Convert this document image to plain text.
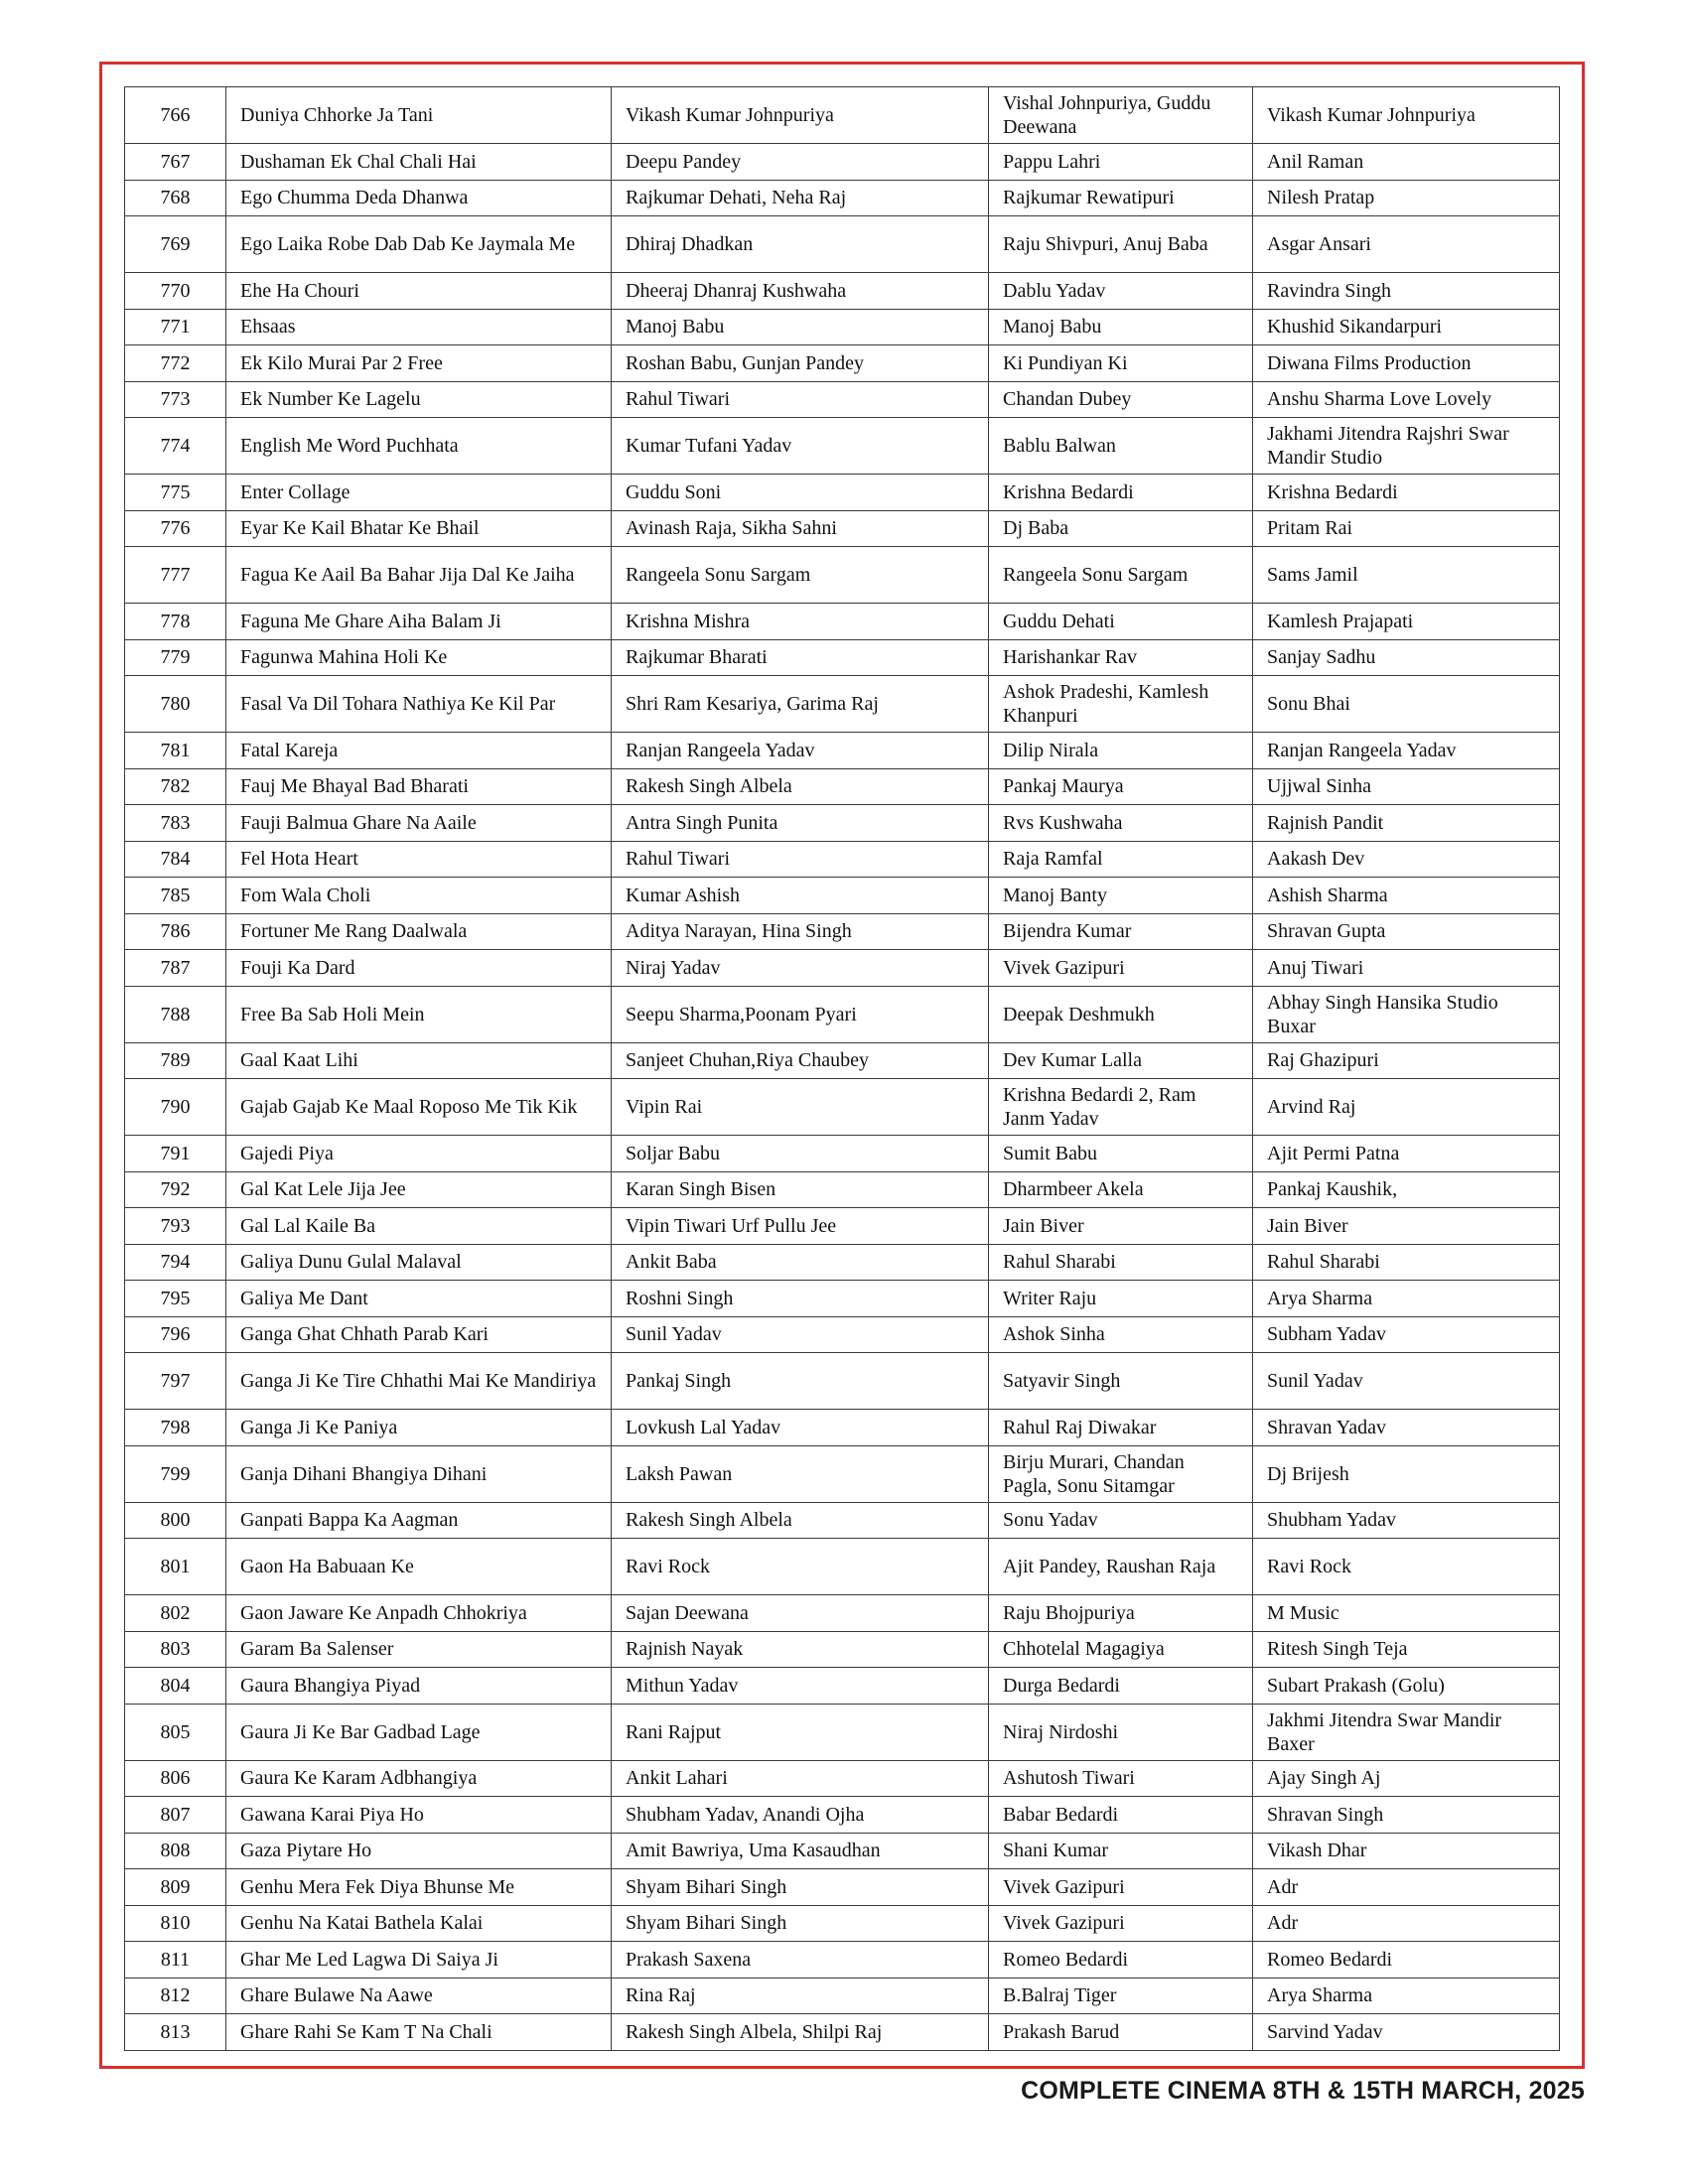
766	Duniya Chhorke Ja Tani	Vikash Kumar Johnpuriya	Vishal Johnpuriya, Guddu Deewana	Vikash Kumar Johnpuriya
767	Dushaman Ek Chal Chali Hai	Deepu Pandey	Pappu Lahri	Anil Raman
768	Ego Chumma Deda Dhanwa	Rajkumar Dehati, Neha Raj	Rajkumar Rewatipuri	Nilesh Pratap
769	Ego Laika Robe Dab Dab Ke Jaymala Me	Dhiraj Dhadkan	Raju Shivpuri, Anuj Baba	Asgar Ansari
770	Ehe Ha Chouri	Dheeraj Dhanraj Kushwaha	Dablu Yadav	Ravindra Singh
771	Ehsaas	Manoj Babu	Manoj Babu	Khushid Sikandarpuri
772	Ek Kilo Murai Par 2 Free	Roshan Babu, Gunjan Pandey	Ki Pundiyan Ki	Diwana Films Production
773	Ek Number Ke Lagelu	Rahul Tiwari	Chandan Dubey	Anshu Sharma Love Lovely
774	English Me Word Puchhata	Kumar Tufani Yadav	Bablu Balwan	Jakhami Jitendra Rajshri Swar Mandir Studio
775	Enter Collage	Guddu Soni	Krishna Bedardi	Krishna Bedardi
776	Eyar Ke Kail Bhatar Ke Bhail	Avinash Raja, Sikha Sahni	Dj Baba	Pritam Rai
777	Fagua Ke Aail Ba Bahar Jija Dal Ke Jaiha	Rangeela Sonu Sargam	Rangeela Sonu Sargam	Sams Jamil
778	Faguna Me Ghare Aiha Balam Ji	Krishna Mishra	Guddu Dehati	Kamlesh Prajapati
779	Fagunwa Mahina Holi Ke	Rajkumar Bharati	Harishankar Rav	Sanjay Sadhu
780	Fasal Va Dil Tohara Nathiya Ke Kil Par	Shri Ram Kesariya, Garima Raj	Ashok Pradeshi, Kamlesh Khanpuri	Sonu Bhai
781	Fatal Kareja	Ranjan Rangeela Yadav	Dilip Nirala	Ranjan Rangeela Yadav
782	Fauj Me Bhayal Bad Bharati	Rakesh Singh Albela	Pankaj Maurya	Ujjwal Sinha
783	Fauji Balmua Ghare Na Aaile	Antra Singh Punita	Rvs Kushwaha	Rajnish Pandit
784	Fel Hota Heart	Rahul Tiwari	Raja Ramfal	Aakash Dev
785	Fom Wala Choli	Kumar Ashish	Manoj Banty	Ashish Sharma
786	Fortuner Me Rang Daalwala	Aditya Narayan, Hina Singh	Bijendra Kumar	Shravan Gupta
787	Fouji Ka Dard	Niraj Yadav	Vivek Gazipuri	Anuj Tiwari
788	Free Ba Sab Holi Mein	Seepu Sharma,Poonam Pyari	Deepak Deshmukh	Abhay Singh Hansika Studio Buxar
789	Gaal Kaat Lihi	Sanjeet Chuhan,Riya Chaubey	Dev Kumar Lalla	Raj Ghazipuri
790	Gajab Gajab Ke Maal Roposo Me Tik Kik	Vipin Rai	Krishna Bedardi 2, Ram Janm Yadav	Arvind Raj
791	Gajedi Piya	Soljar Babu	Sumit Babu	Ajit Permi Patna
792	Gal Kat Lele Jija Jee	Karan Singh Bisen	Dharmbeer Akela	Pankaj Kaushik,
793	Gal Lal Kaile Ba	Vipin Tiwari Urf Pullu Jee	Jain Biver	Jain Biver
794	Galiya Dunu Gulal Malaval	Ankit Baba	Rahul Sharabi	Rahul Sharabi
795	Galiya Me Dant	Roshni Singh	Writer Raju	Arya Sharma
796	Ganga Ghat Chhath Parab Kari	Sunil Yadav	Ashok Sinha	Subham Yadav
797	Ganga Ji Ke Tire Chhathi Mai Ke Mandiriya	Pankaj Singh	Satyavir Singh	Sunil Yadav
798	Ganga Ji Ke Paniya	Lovkush Lal Yadav	Rahul Raj Diwakar	Shravan Yadav
799	Ganja Dihani Bhangiya Dihani	Laksh Pawan	Birju Murari, Chandan Pagla, Sonu Sitamgar	Dj Brijesh
800	Ganpati Bappa Ka Aagman	Rakesh Singh Albela	Sonu Yadav	Shubham Yadav
801	Gaon Ha Babuaan Ke	Ravi Rock	Ajit Pandey, Raushan Raja	Ravi Rock
802	Gaon Jaware Ke Anpadh Chhokriya	Sajan Deewana	Raju Bhojpuriya	M Music
803	Garam Ba Salenser	Rajnish Nayak	Chhotelal Magagiya	Ritesh Singh Teja
804	Gaura Bhangiya Piyad	Mithun Yadav	Durga Bedardi	Subart Prakash (Golu)
805	Gaura Ji Ke Bar Gadbad Lage	Rani Rajput	Niraj Nirdoshi	Jakhmi Jitendra Swar Mandir Baxer
806	Gaura Ke Karam Adbhangiya	Ankit Lahari	Ashutosh Tiwari	Ajay Singh Aj
807	Gawana Karai Piya Ho	Shubham Yadav, Anandi Ojha	Babar Bedardi	Shravan Singh
808	Gaza Piytare Ho	Amit Bawriya, Uma Kasaudhan	Shani Kumar	Vikash Dhar
809	Genhu Mera Fek Diya Bhunse Me	Shyam Bihari Singh	Vivek Gazipuri	Adr
810	Genhu Na Katai Bathela Kalai	Shyam Bihari Singh	Vivek Gazipuri	Adr
811	Ghar Me Led Lagwa Di Saiya Ji	Prakash Saxena	Romeo Bedardi	Romeo Bedardi
812	Ghare Bulawe Na Aawe	Rina Raj	B.Balraj Tiger	Arya Sharma
813	Ghare Rahi Se Kam T Na Chali	Rakesh Singh Albela, Shilpi Raj	Prakash Barud	Sarvind Yadav
COMPLETE CINEMA 8TH & 15TH MARCH, 2025
